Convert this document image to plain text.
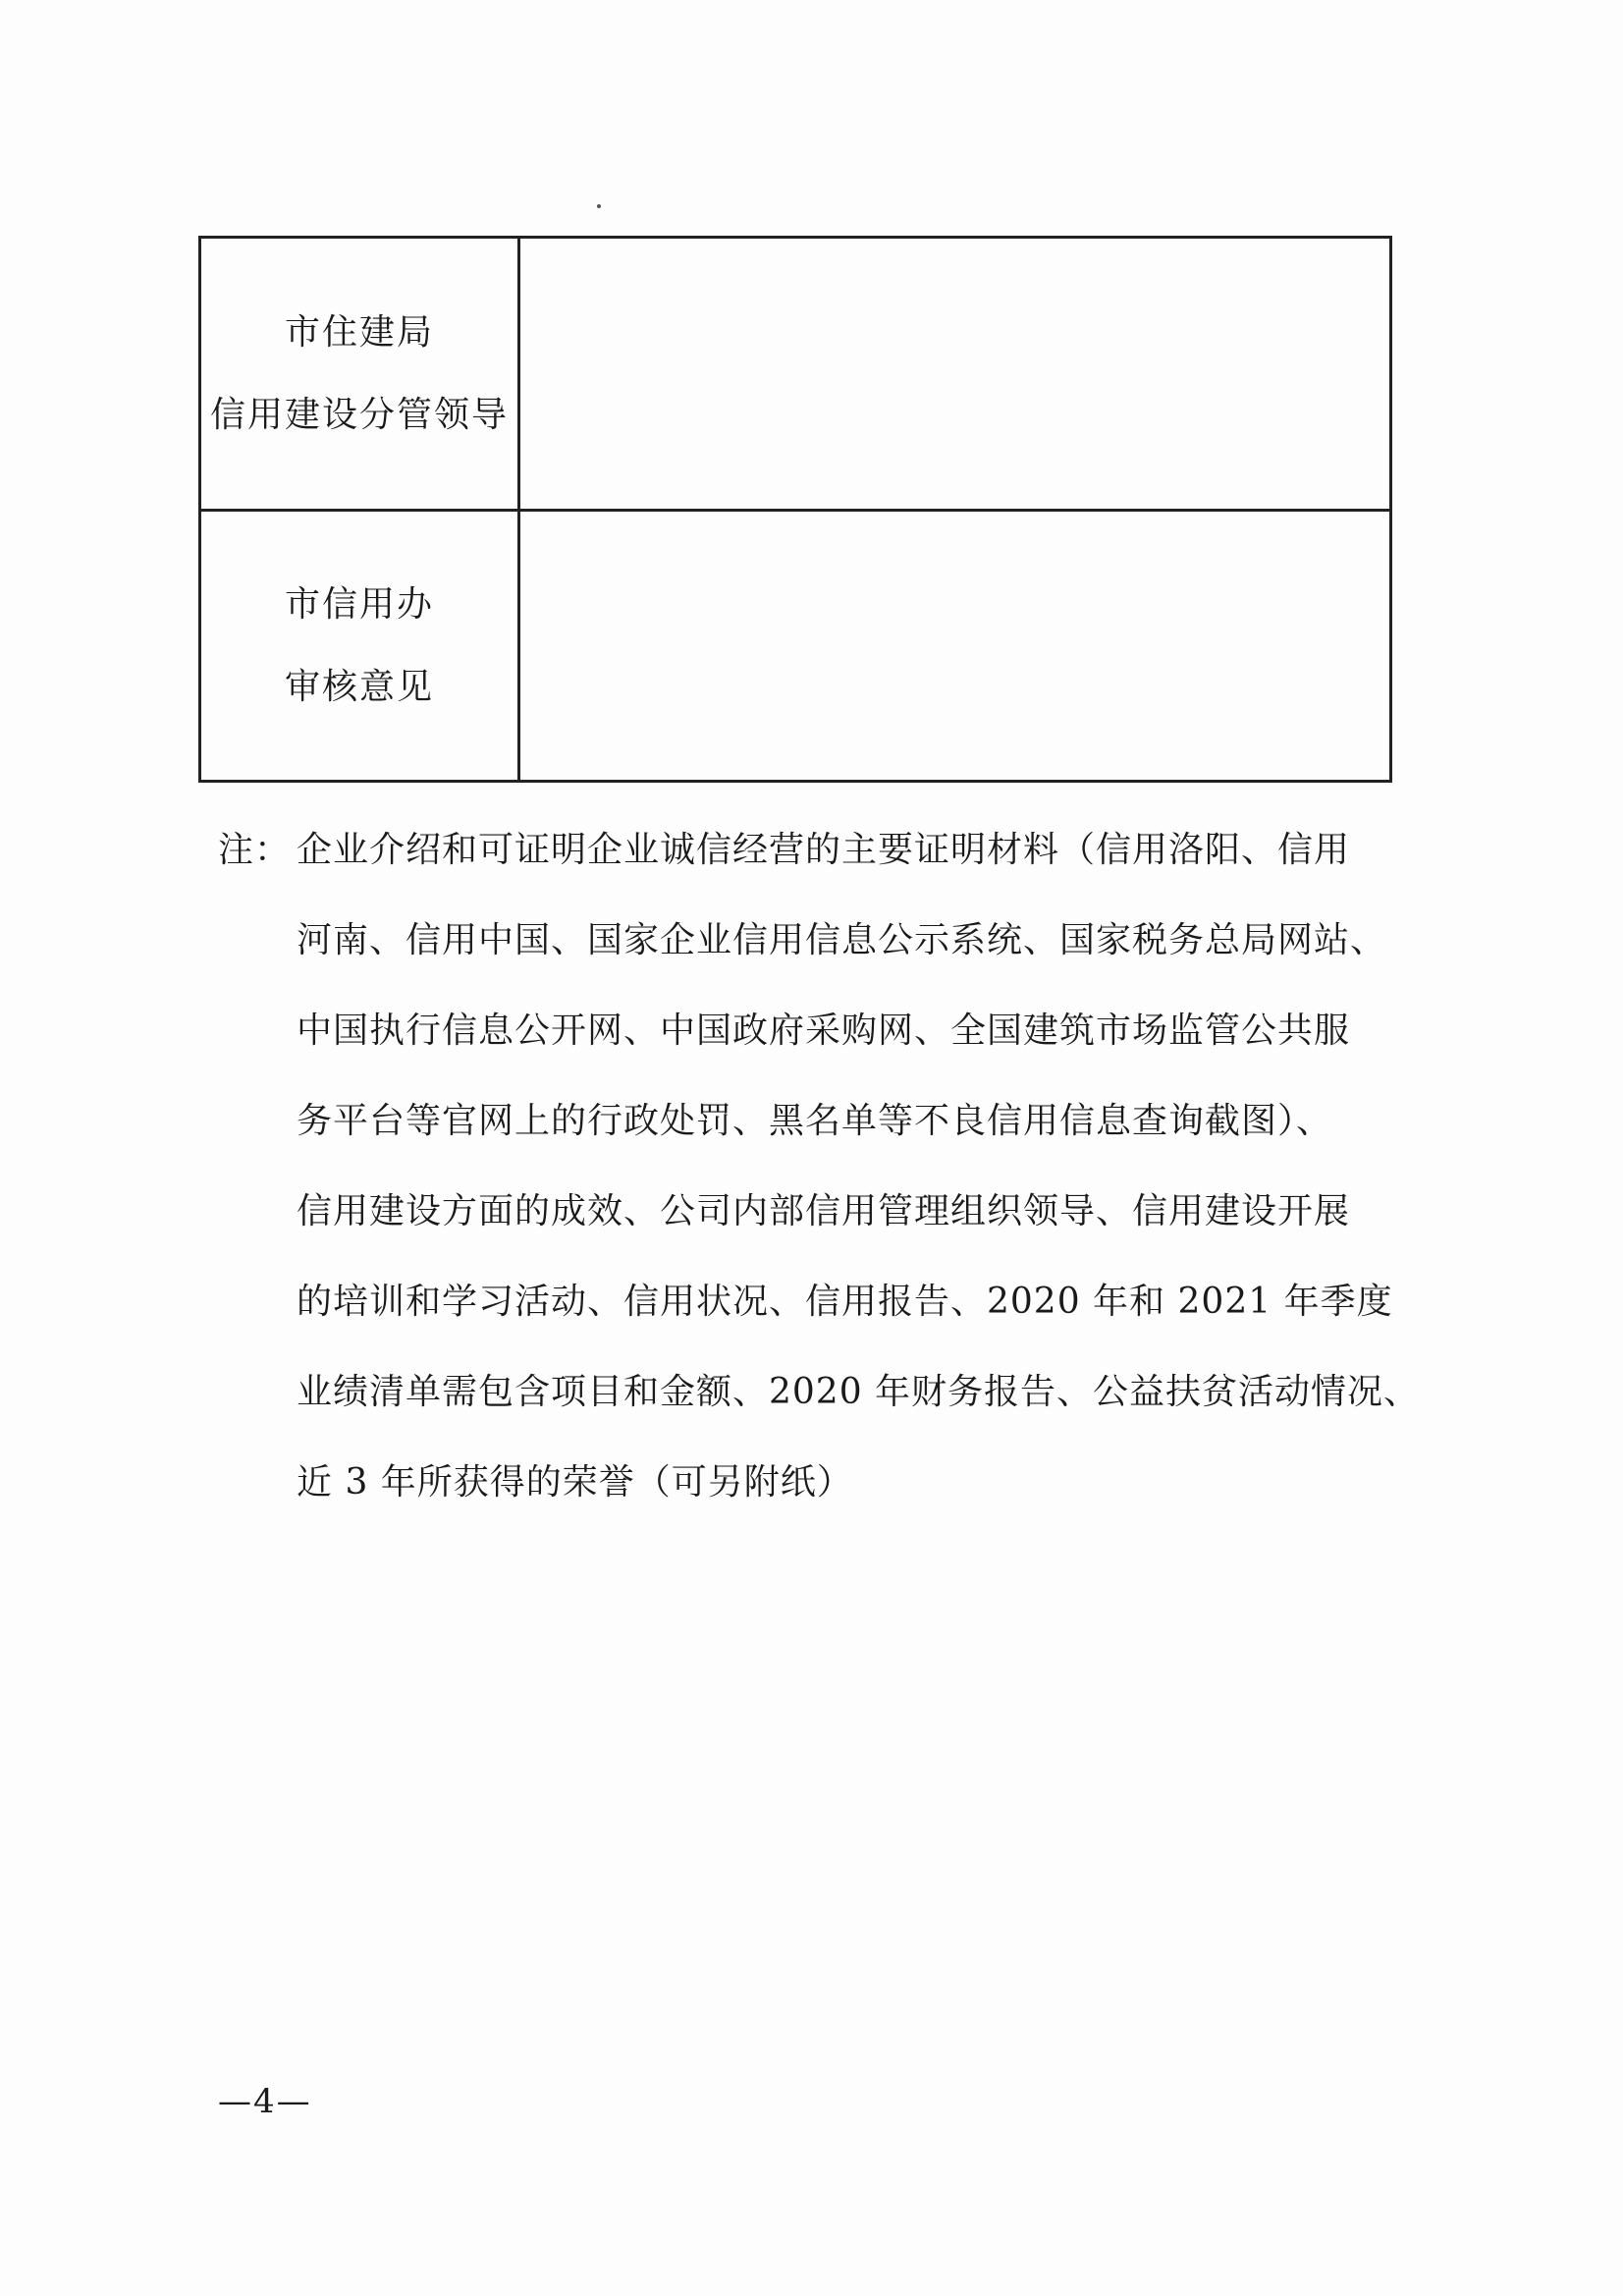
市住建局
信用建设分管领导
市信用办
审核意见
注： 企业介绍和可证明企业诚信经营的主要证明材料（信用洛阳、信用
河南、信用中国、国家企业信用信息公示系统、国家税务总局网站、
中国执行信息公开网、中国政府采购网、全国建筑市场监管公共服
务平台等官网上的行政处罚、黑名单等不良信用信息查询截图）、
信用建设方面的成效、公司内部信用管理组织领导、信用建设开展
的培训和学习活动、信用状况、信用报告、2020 年和 2021 年季度
业绩清单需包含项目和金额、2020 年财务报告、公益扶贫活动情况、
近 3 年所获得的荣誉（可另附纸）
—4—
